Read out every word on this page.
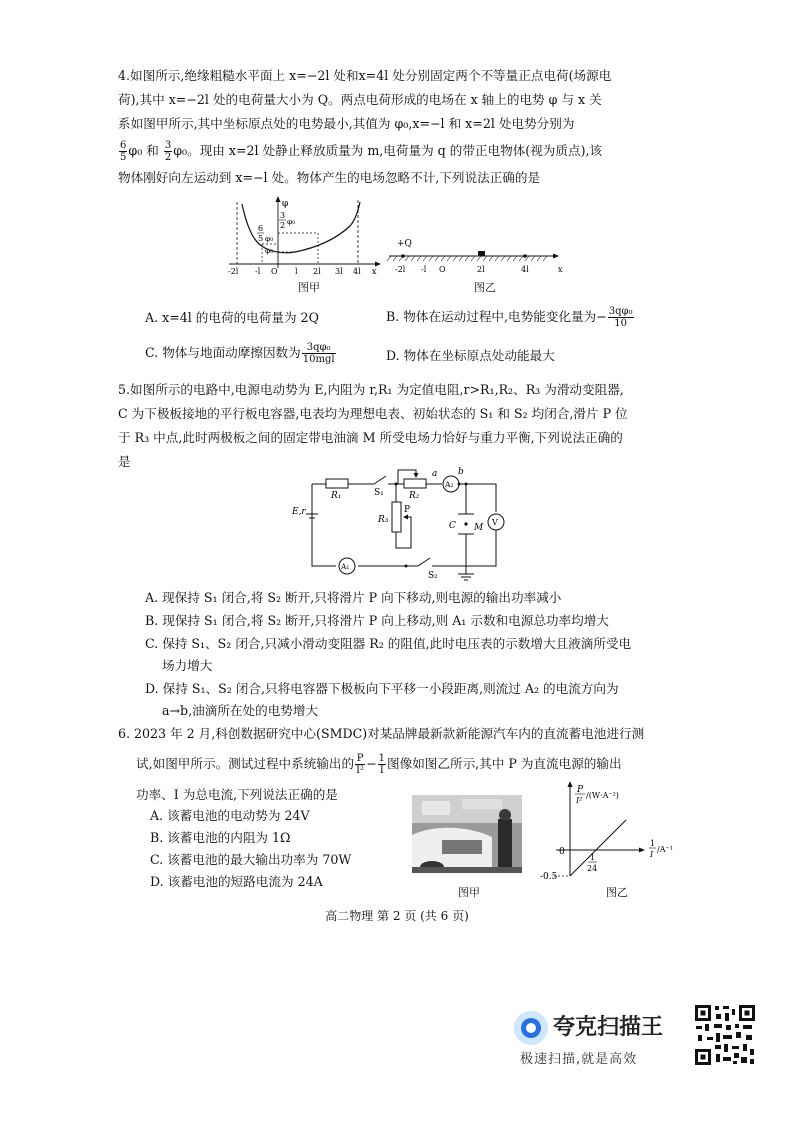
4.如图所示,绝缘粗糙水平面上 x=−2l 处和x=4l 处分别固定两个不等量正点电荷(场源电
荷),其中 x=−2l 处的电荷量大小为 Q。两点电荷形成的电场在 x 轴上的电势 φ 与 x 关
系如图甲所示,其中坐标原点处的电势最小,其值为 φ₀,x=−l 和 x=2l 处电势分别为
$\frac{6}{5} \varphi_0$ 和 $\frac{3}{2} \varphi_0$。现由 x=2l 处静止释放质量为 m,电荷量为 q 的带正电物体(视为质点),该
物体刚好向左运动到 x=−l 处。物体产生的电场忽略不计,下列说法正确的是
φ
3
2 φ₀
6
5 φ₀
φ₀
-2l -l O l 2l 3l 4l x
图甲
+Q
-2l -l O	2l	4l	x
图乙
A. x=4l 的电荷的电荷量为 2Q	B. 物体在运动过程中,电势能变化量为− $\frac{\text{3qφ₀}}{10}$
C. 物体与地面动摩擦因数为 $\frac{\text{3qφ₀}}{\text{10mgl}}$	D. 物体在坐标原点处动能最大
5.如图所示的电路中,电源电动势为 E,内阻为 r,R₁ 为定值电阻,r>R₁,R₂、R₃ 为滑动变阻器,
C 为下极板接地的平行板电容器,电表均为理想电表、初始状态的 S₁ 和 S₂ 均闭合,滑片 P 位
于 R₃ 中点,此时两极板之间的固定带电油滴 M 所受电场力恰好与重力平衡,下列说法正确的
是
E,r
R₁	S₁	R₂
a b
A₂
R₃
P
C M
V
A₁
S₂
A. 现保持 S₁ 闭合,将 S₂ 断开,只将滑片 P 向下移动,则电源的输出功率减小
B. 现保持 S₁ 闭合,将 S₂ 断开,只将滑片 P 向上移动,则 A₁ 示数和电源总功率均增大
C. 保持 S₁、S₂ 闭合,只减小滑动变阻器 R₂ 的阻值,此时电压表的示数增大且液滴所受电
场力增大
D. 保持 S₁、S₂ 闭合,只将电容器下极板向下平移一小段距离,则流过 A₂ 的电流方向为
a→b,油滴所在处的电势增大
6. 2023 年 2 月,科创数据研究中心(SMDC)对某品牌最新款新能源汽车内的直流蓄电池进行测
试,如图甲所示。测试过程中系统输出的 $\frac{P}{\text{I²}} - \frac{1}{I}$ 图像如图乙所示,其中 P 为直流电源的输出
功率、I 为总电流,下列说法正确的是
A. 该蓄电池的电动势为 24V
B. 该蓄电池的内阻为 1Ω
C. 该蓄电池的最大输出功率为 70W
D. 该蓄电池的短路电流为 24A
图甲
P
I²
/(W·A⁻²)
1
I
/A⁻¹
0
-0.5
1
24
图乙
高二物理 第 2 页 (共 6 页)
夸克扫描王
极速扫描,就是高效
